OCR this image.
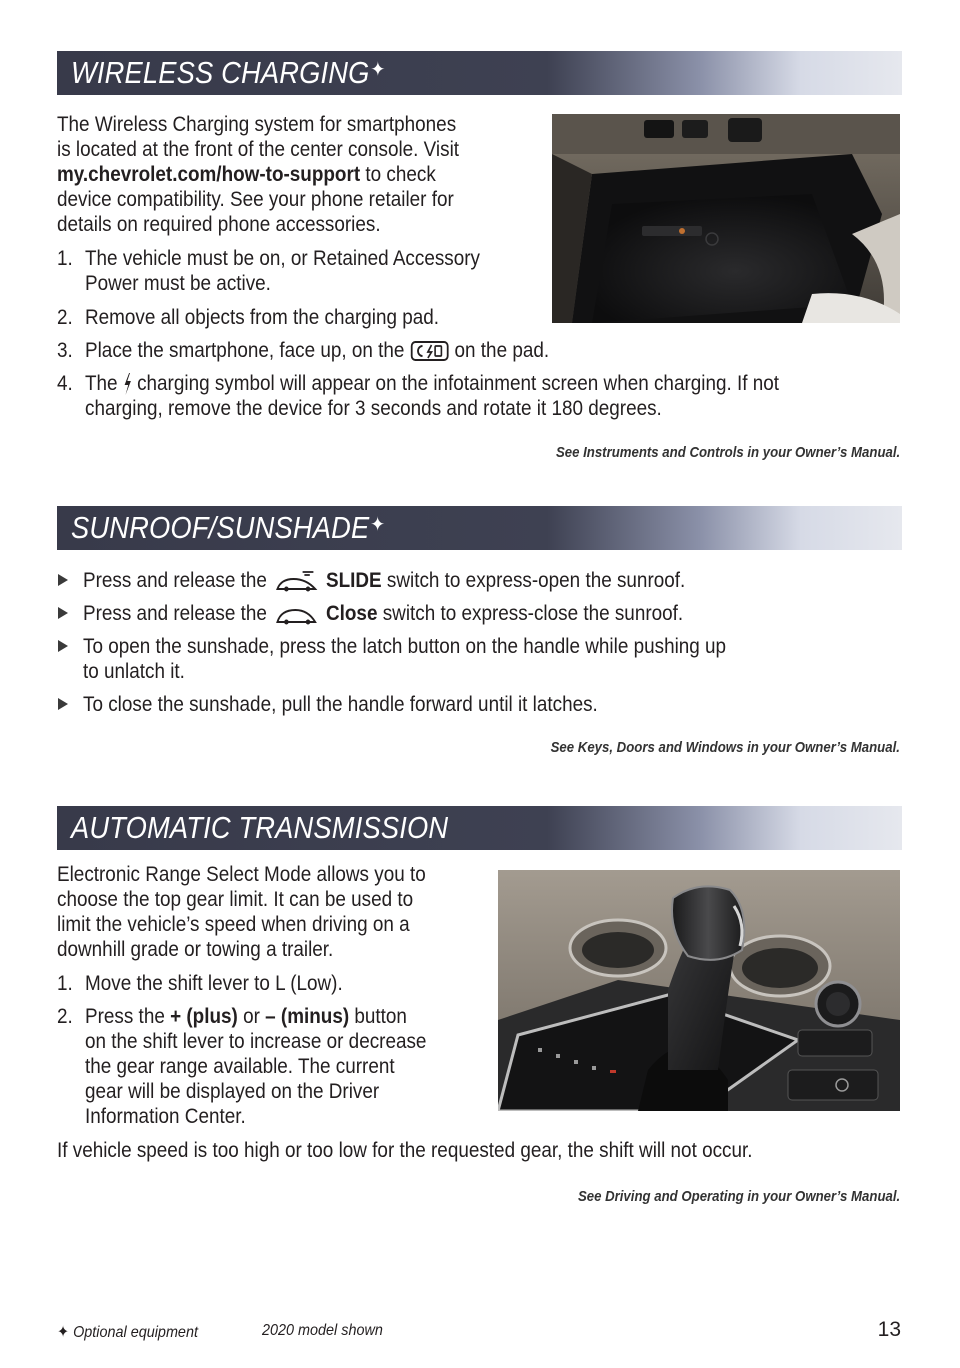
WIRELESS CHARGING✦
The Wireless Charging system for smartphones
is located at the front of the center console. Visit
my.chevrolet.com/how-to-support to check
device compatibility. See your phone retailer for
details on required phone accessories.
1. The vehicle must be on, or Retained Accessory
Power must be active.
2. Remove all objects from the charging pad.
3. Place the smartphone, face up, on the on the pad.
4. The charging symbol will appear on the infotainment screen when charging. If not
charging, remove the device for 3 seconds and rotate it 180 degrees.
See Instruments and Controls in your Owner’s Manual.
SUNROOF/SUNSHADE✦
Press and release the	SLIDE switch to express-open the sunroof.
Press and release the	Close switch to express-close the sunroof.
To open the sunshade, press the latch button on the handle while pushing up
to unlatch it.
To close the sunshade, pull the handle forward until it latches.
See Keys, Doors and Windows in your Owner’s Manual.
AUTOMATIC TRANSMISSION
Electronic Range Select Mode allows you to
choose the top gear limit. It can be used to
limit the vehicle’s speed when driving on a
downhill grade or towing a trailer.
1. Move the shift lever to L (Low).
2. Press the + (plus) or – (minus) button
on the shift lever to increase or decrease
the gear range available. The current
gear will be displayed on the Driver
Information Center.
If vehicle speed is too high or too low for the requested gear, the shift will not occur.
See Driving and Operating in your Owner’s Manual.
✦ Optional equipment	2020 model shown	13
